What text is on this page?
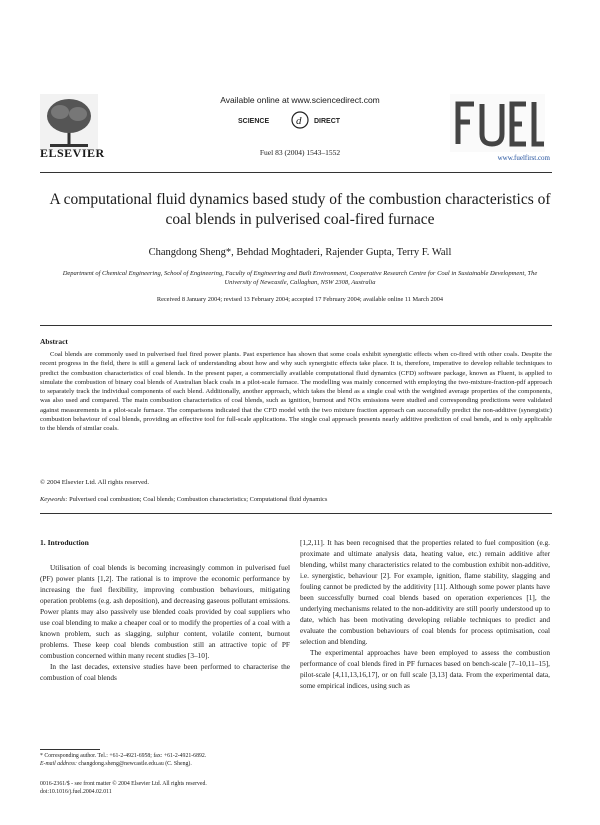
ELSEVIER
Available online at www.sciencedirect.com
SCIENCE d DIRECT
Fuel 83 (2004) 1543–1552
www.fuelfirst.com
A computational fluid dynamics based study of the combustion characteristics of coal blends in pulverised coal-fired furnace
Changdong Sheng*, Behdad Moghtaderi, Rajender Gupta, Terry F. Wall
Department of Chemical Engineering, School of Engineering, Faculty of Engineering and Built Environment, Cooperative Research Centre for Coal in Sustainable Development, The University of Newcastle, Callaghan, NSW 2308, Australia
Received 8 January 2004; revised 13 February 2004; accepted 17 February 2004; available online 11 March 2004
Abstract

Coal blends are commonly used in pulverised fuel fired power plants. Past experience has shown that some coals exhibit synergistic effects when co-fired with other coals. Despite the recent progress in the field, there is still a general lack of understanding about how and why such synergistic effects take place. It is, therefore, imperative to develop reliable techniques to predict the combustion characteristics of coal blends. In the present paper, a commercially available computational fluid dynamics (CFD) software package, known as Fluent, is applied to simulate the combustion of binary coal blends of Australian black coals in a pilot-scale furnace. The modelling was mainly concerned with employing the two-mixture-fraction-pdf approach to separately track the individual components of each blend. Additionally, another approach, which takes the blend as a single coal with the weighted average properties of the components, was also used and compared. The main combustion characteristics of coal blends, such as ignition, burnout and NOx emissions were studied and corresponding predictions were validated against measurements in a pilot-scale furnace. The comparisons indicated that the CFD model with the two mixture fraction approach can successfully predict the non-additive (synergistic) combustion behaviour of coal blends, providing an effective tool for full-scale applications. The single coal approach presents nearly additive prediction of coal bends, and is only applicable to the blends of similar coals.

© 2004 Elsevier Ltd. All rights reserved.
Keywords: Pulverised coal combustion; Coal blends; Combustion characteristics; Computational fluid dynamics
1. Introduction

Utilisation of coal blends is becoming increasingly common in pulverised fuel (PF) power plants [1,2]. The rational is to improve the economic performance by increasing the fuel flexibility, improving combustion behaviours, mitigating operation problems (e.g. ash deposition), and decreasing gaseous pollutant emissions. Power plants may also passively use blended coals provided by coal suppliers who use coal blending to make a cheaper coal or to modify the properties of a coal with a known problem, such as slagging, sulphur content, volatile content, burnout problems. These keep coal blends combustion still an attractive topic of PF combustion concerned within many recent studies [3–10].

In the last decades, extensive studies have been performed to characterise the combustion of coal blends

[1,2,11]. It has been recognised that the properties related to fuel composition (e.g. proximate and ultimate analysis data, heating value, etc.) remain additive after blending, whilst many characteristics related to the combustion exhibit non-additive, i.e. synergistic, behaviour [2]. For example, ignition, flame stability, slagging and fouling cannot be predicted by the additivity [11]. Although some power plants have been successfully burned coal blends based on operation experiences [1], the underlying mechanisms related to the non-additivity are still poorly understood up to date, which has been motivating developing reliable techniques to predict and evaluate the combustion behaviours of coal blends for process optimisation, coal selection and blending.

The experimental approaches have been employed to assess the combustion performance of coal blends fired in PF furnaces based on bench-scale [7–10,11–15], pilot-scale [4,11,13,16,17], or on full scale [3,13] data. From the experimental data, some empirical indices, using such as

* Corresponding author. Tel.: +61-2-4921-6958; fax: +61-2-4921-6892.
E-mail address: changdong.sheng@newcastle.edu.au (C. Sheng).
0016-2361/$ - see front matter © 2004 Elsevier Ltd. All rights reserved.
doi:10.1016/j.fuel.2004.02.011
